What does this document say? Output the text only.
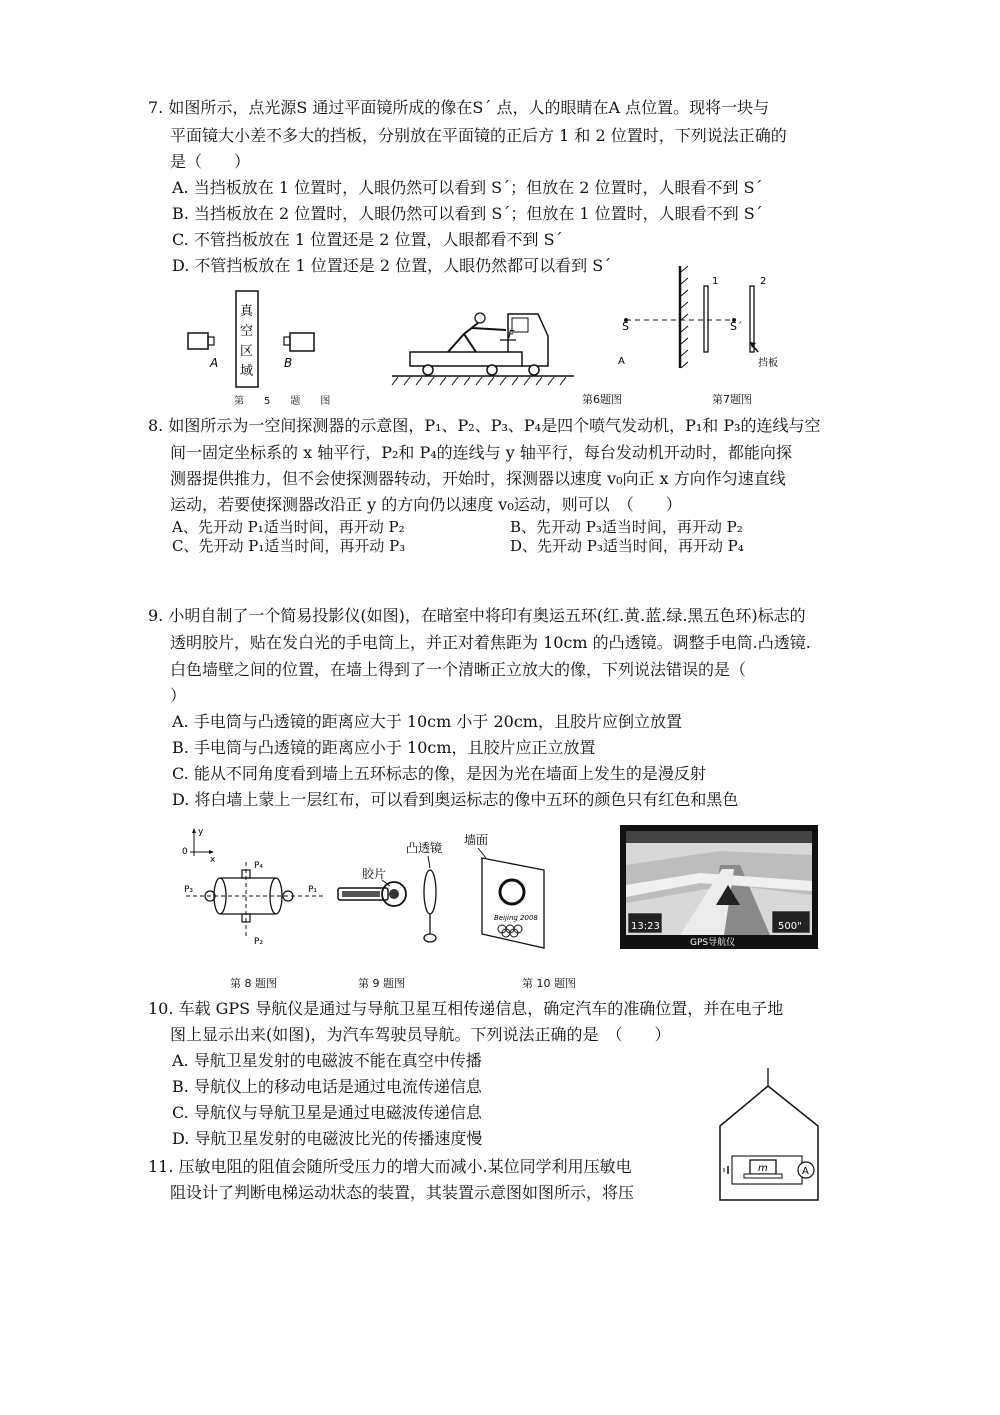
7. 如图所示，点光源S 通过平面镜所成的像在S´ 点，人的眼睛在A 点位置。现将一块与
平面镜大小差不多大的挡板，分别放在平面镜的正后方 1 和 2 位置时，下列说法正确的
是（　　）
A. 当挡板放在 1 位置时，人眼仍然可以看到 S´；但放在 2 位置时，人眼看不到 S´
B. 当挡板放在 2 位置时，人眼仍然可以看到 S´；但放在 1 位置时，人眼看不到 S´
C. 不管挡板放在 1 位置还是 2 位置，人眼都看不到 S´
D. 不管挡板放在 1 位置还是 2 位置，人眼仍然都可以看到 S´
A
真
空
区
域
B
第　　5　　题　　图
F
第6题图
S	S´
A
1	2
挡板
第7题图
8. 如图所示为一空间探测器的示意图，P₁、P₂、P₃、P₄是四个喷气发动机，P₁和 P₃的连线与空
间一固定坐标系的 x 轴平行，P₂和 P₄的连线与 y 轴平行，每台发动机开动时，都能向探
测器提供推力，但不会使探测器转动，开始时，探测器以速度 v₀向正 x 方向作匀速直线
运动，若要使探测器改沿正 y 的方向仍以速度 v₀运动，则可以　（　　）
A、先开动 P₁适当时间，再开动 P₂	B、先开动 P₃适当时间，再开动 P₂
C、先开动 P₁适当时间，再开动 P₃	D、先开动 P₃适当时间，再开动 P₄
9. 小明自制了一个简易投影仪(如图)，在暗室中将印有奥运五环(红.黄.蓝.绿.黑五色环)标志的
透明胶片，贴在发白光的手电筒上，并正对着焦距为 10cm 的凸透镜。调整手电筒.凸透镜.
白色墙壁之间的位置，在墙上得到了一个清晰正立放大的像，下列说法错误的是（
）
A. 手电筒与凸透镜的距离应大于 10cm 小于 20cm，且胶片应倒立放置
B. 手电筒与凸透镜的距离应小于 10cm，且胶片应正立放置
C. 能从不同角度看到墙上五环标志的像，是因为光在墙面上发生的是漫反射
D. 将白墙上蒙上一层红布，可以看到奥运标志的像中五环的颜色只有红色和黑色
y
x
0
P₄
P₂
P₃	P₁
第 8 题图
胶片
凸透镜
墙面
Beijing 2008
第 9 题图
13:23	500"
GPS导航仪
第 10 题图
10. 车载 GPS 导航仪是通过与导航卫星互相传递信息，确定汽车的准确位置，并在电子地
图上显示出来(如图)，为汽车驾驶员导航。下列说法正确的是　（　　）
A. 导航卫星发射的电磁波不能在真空中传播
B. 导航仪上的移动电话是通过电流传递信息
C. 导航仪与导航卫星是通过电磁波传递信息
D. 导航卫星发射的电磁波比光的传播速度慢
11. 压敏电阻的阻值会随所受压力的增大而减小.某位同学利用压敏电
阻设计了判断电梯运动状态的装置，其装置示意图如图所示，将压
m	A
